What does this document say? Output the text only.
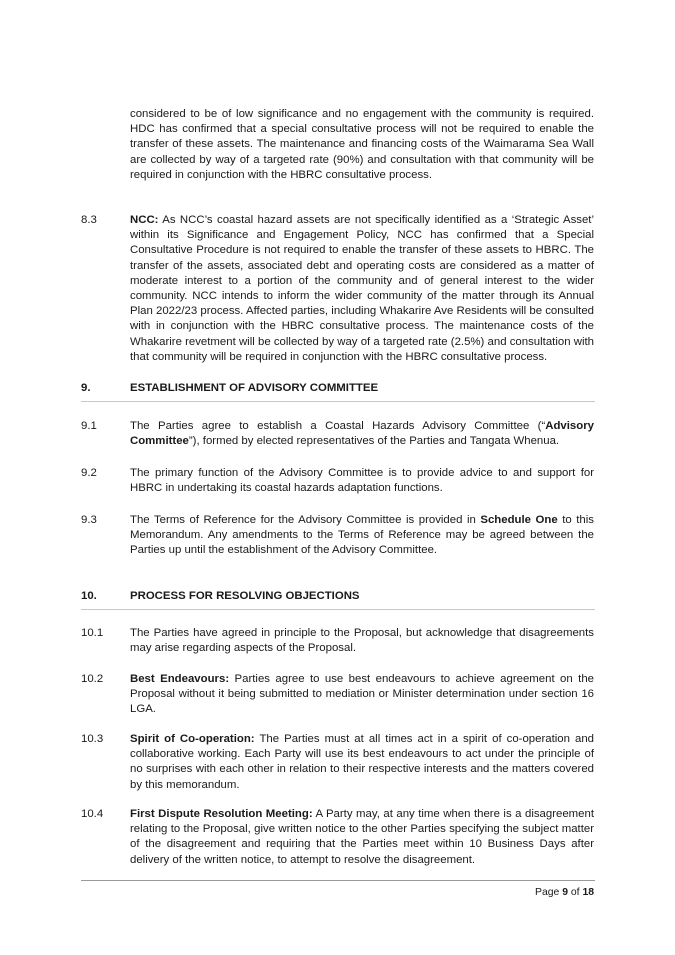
considered to be of low significance and no engagement with the community is required. HDC has confirmed that a special consultative process will not be required to enable the transfer of these assets. The maintenance and financing costs of the Waimarama Sea Wall are collected by way of a targeted rate (90%) and consultation with that community will be required in conjunction with the HBRC consultative process.
8.3	NCC: As NCC’s coastal hazard assets are not specifically identified as a ‘Strategic Asset’ within its Significance and Engagement Policy, NCC has confirmed that a Special Consultative Procedure is not required to enable the transfer of these assets to HBRC. The transfer of the assets, associated debt and operating costs are considered as a matter of moderate interest to a portion of the community and of general interest to the wider community. NCC intends to inform the wider community of the matter through its Annual Plan 2022/23 process. Affected parties, including Whakarire Ave Residents will be consulted with in conjunction with the HBRC consultative process. The maintenance costs of the Whakarire revetment will be collected by way of a targeted rate (2.5%) and consultation with that community will be required in conjunction with the HBRC consultative process.
9.	ESTABLISHMENT OF ADVISORY COMMITTEE
9.1	The Parties agree to establish a Coastal Hazards Advisory Committee (“Advisory Committee”), formed by elected representatives of the Parties and Tangata Whenua.
9.2	The primary function of the Advisory Committee is to provide advice to and support for HBRC in undertaking its coastal hazards adaptation functions.
9.3	The Terms of Reference for the Advisory Committee is provided in Schedule One to this Memorandum. Any amendments to the Terms of Reference may be agreed between the Parties up until the establishment of the Advisory Committee.
10.	PROCESS FOR RESOLVING OBJECTIONS
10.1 The Parties have agreed in principle to the Proposal, but acknowledge that disagreements may arise regarding aspects of the Proposal.
10.2 Best Endeavours: Parties agree to use best endeavours to achieve agreement on the Proposal without it being submitted to mediation or Minister determination under section 16 LGA.
10.3 Spirit of Co-operation: The Parties must at all times act in a spirit of co-operation and collaborative working. Each Party will use its best endeavours to act under the principle of no surprises with each other in relation to their respective interests and the matters covered by this memorandum.
10.4 First Dispute Resolution Meeting: A Party may, at any time when there is a disagreement relating to the Proposal, give written notice to the other Parties specifying the subject matter of the disagreement and requiring that the Parties meet within 10 Business Days after delivery of the written notice, to attempt to resolve the disagreement.
Page 9 of 18
